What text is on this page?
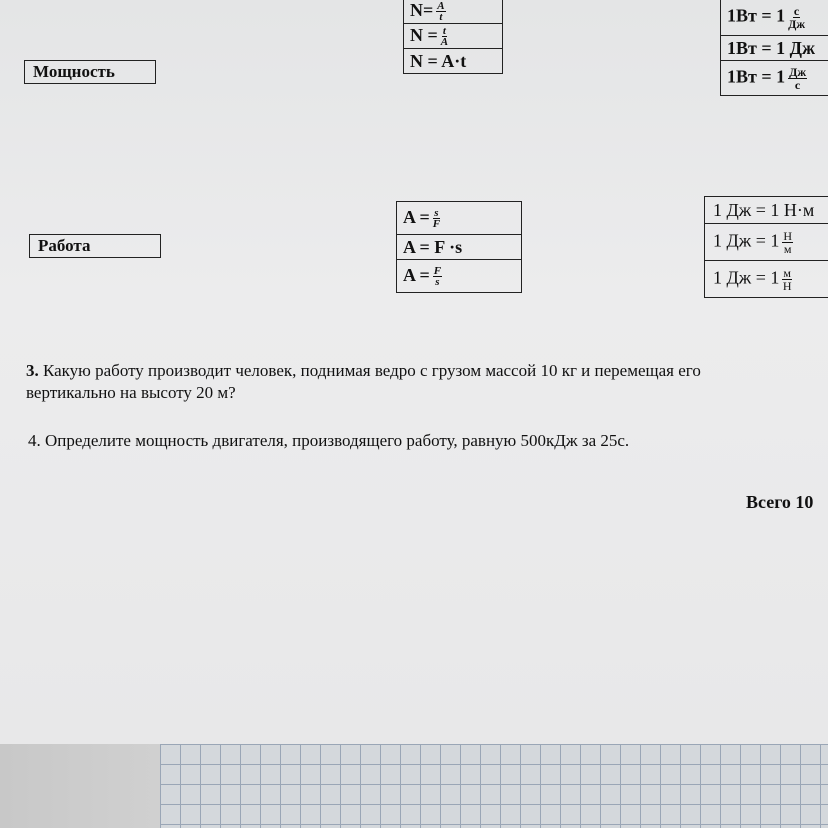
Мощность
$N= \frac{A}{t}$

$N = \frac{t}{A}$

N = A·t
$1Вт = 1 \frac{с}{Дж}$

1Вт = 1 Дж
$1Вт = 1 \frac{Дж}{с}$
Работа
$A = \frac{s}{F}$

A = F ·s
$A = \frac{F}{s}$
1 Дж = 1 Н·м
1 Дж = $1 \frac{Н}{м}$

1 Дж = $1 \frac{м}{Н}$
3. Какую работу производит человек, поднимая ведро с грузом массой 10 кг и перемещая его
вертикально на высоту 20 м?
4. Определите мощность двигателя, производящего работу, равную 500кДж за 25с.
Всего 10
